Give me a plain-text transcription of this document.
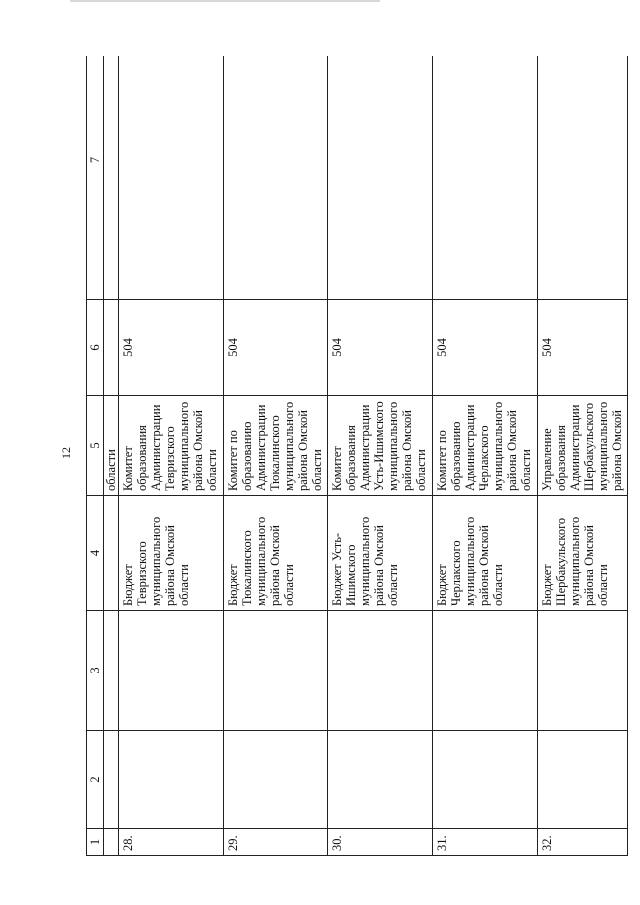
12
1	2	3	4	5	6	7
				области		
28.			Бюджет Тевризского муниципального района Омской области	Комитет образования Администрации Тевризского муниципального района Омской области	504	
29.			Бюджет Тюкалинского муниципального района Омской области	Комитет по образованию Администрации Тюкалинского муниципального района Омской области	504	
30.			Бюджет Усть-Ишимского муниципального района Омской области	Комитет образования Администрации Усть-Ишимского муниципального района Омской области	504	
31.			Бюджет Черлакского муниципального района Омской области	Комитет по образованию Администрации Черлакского муниципального района Омской области	504	
32.			Бюджет Шербакульского муниципального района Омской области	Управление образования Администрации Шербакульского муниципального района Омской	504	
